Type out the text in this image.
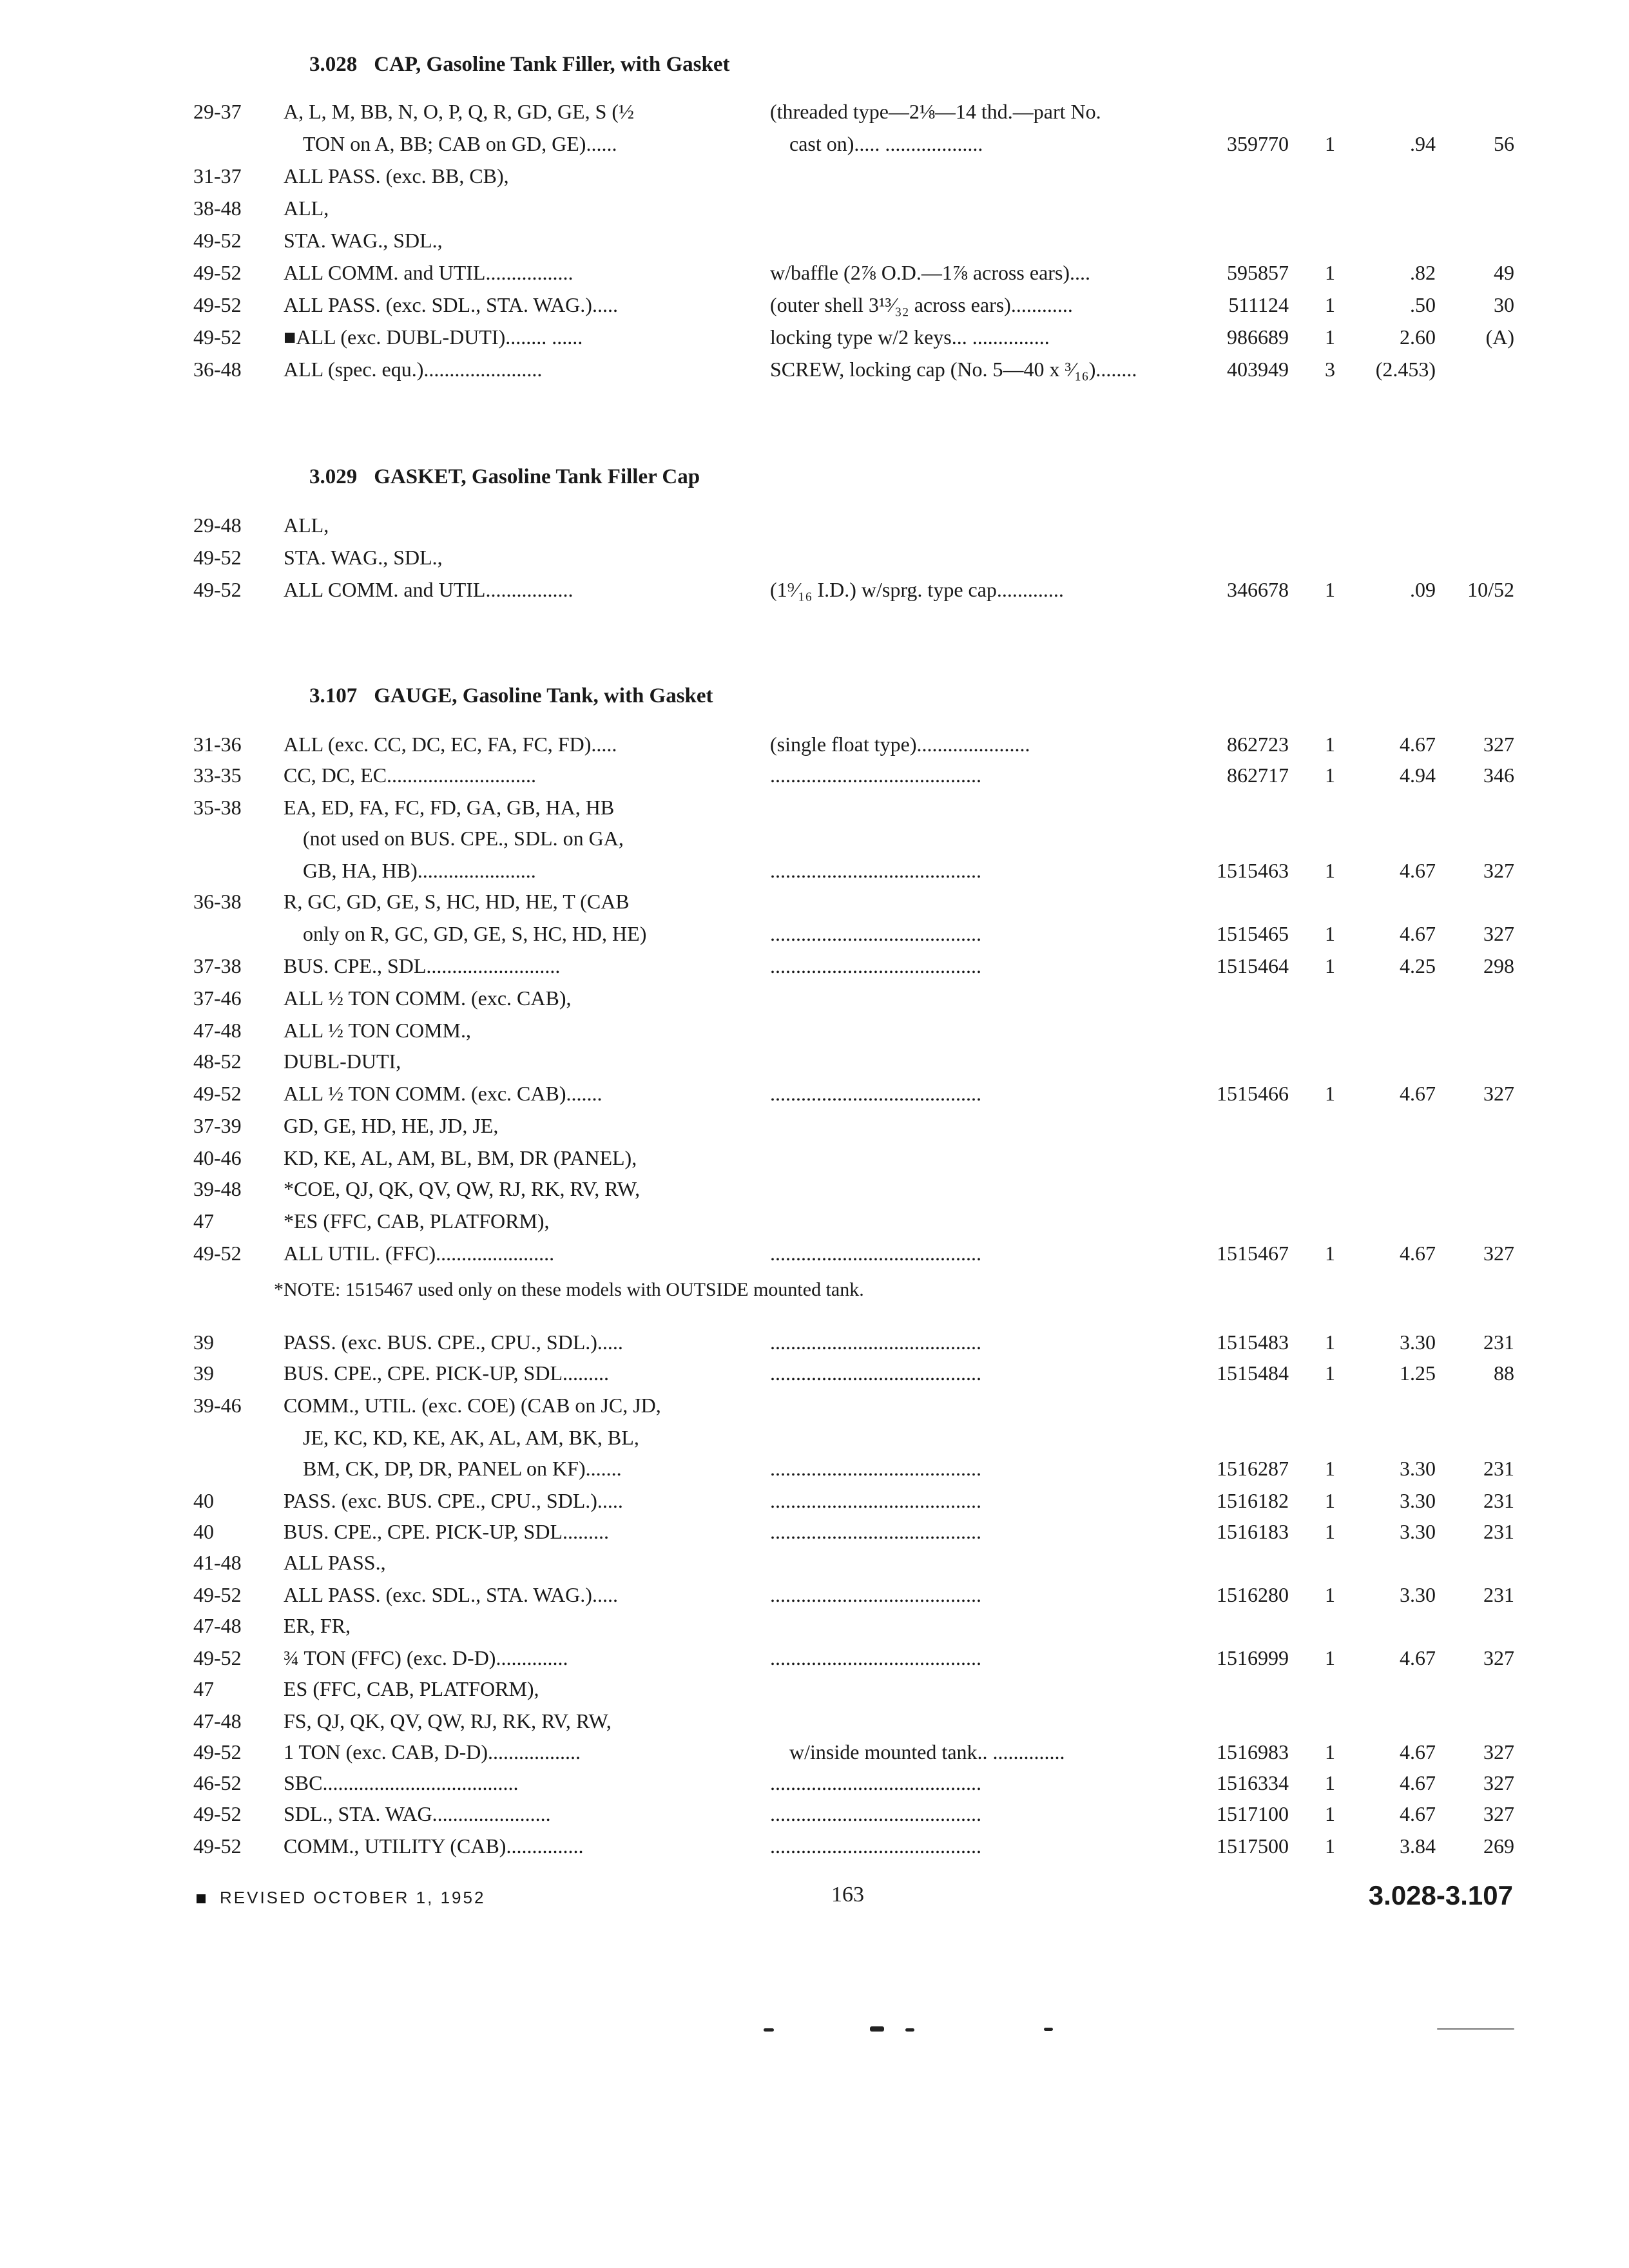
3.028 CAP, Gasoline Tank Filler, with Gasket
29-37 A, L, M, BB, N, O, P, Q, R, GD, GE, S (½	(threaded type—2⅛—14 thd.—part No.
TON on A, BB; CAB on GD, GE)......	cast on)..... ...................	359770 1	.94	56
31-37 ALL PASS. (exc. BB, CB),
38-48 ALL,
49-52 STA. WAG., SDL.,
49-52 ALL COMM. and UTIL.................	w/baffle (2⅞ O.D.—1⅞ across ears)....	595857 1	.82	49
49-52 ALL PASS. (exc. SDL., STA. WAG.).....	(outer shell 3¹³⁄₃₂ across ears)............	511124 1	.50	30
49-52 ■ALL (exc. DUBL-DUTI)........ ......	locking type w/2 keys... ...............	986689 1	2.60 (A)
36-48 ALL (spec. equ.).......................	SCREW, locking cap (No. 5—40 x ³⁄₁₆)........	403949 3 (2.453)
3.029 GASKET, Gasoline Tank Filler Cap
29-48 ALL,
49-52 STA. WAG., SDL.,
49-52 ALL COMM. and UTIL.................	(1⁹⁄₁₆ I.D.) w/sprg. type cap.............	346678 1	.09 10/52
3.107 GAUGE, Gasoline Tank, with Gasket
31-36 ALL (exc. CC, DC, EC, FA, FC, FD).....	(single float type)......................	862723 1	4.67 327
33-35 CC, DC, EC.............................	.........................................	862717 1	4.94 346
35-38 EA, ED, FA, FC, FD, GA, GB, HA, HB
(not used on BUS. CPE., SDL. on GA,
GB, HA, HB).......................	.........................................	1515463 1	4.67 327
36-38 R, GC, GD, GE, S, HC, HD, HE, T (CAB
only on R, GC, GD, GE, S, HC, HD, HE)	.........................................	1515465 1	4.67 327
37-38 BUS. CPE., SDL..........................	.........................................	1515464 1	4.25 298
37-46 ALL ½ TON COMM. (exc. CAB),
47-48 ALL ½ TON COMM.,
48-52 DUBL-DUTI,
49-52 ALL ½ TON COMM. (exc. CAB).......	.........................................	1515466 1	4.67 327
37-39 GD, GE, HD, HE, JD, JE,
40-46 KD, KE, AL, AM, BL, BM, DR (PANEL),
39-48 *COE, QJ, QK, QV, QW, RJ, RK, RV, RW,
47	*ES (FFC, CAB, PLATFORM),
49-52 ALL UTIL. (FFC).......................	.........................................	1515467 1	4.67 327
*NOTE: 1515467 used only on these models with OUTSIDE mounted tank.
39	PASS. (exc. BUS. CPE., CPU., SDL.).....	.........................................	1515483 1	3.30 231
39	BUS. CPE., CPE. PICK-UP, SDL.........	.........................................	1515484 1	1.25	88
39-46 COMM., UTIL. (exc. COE) (CAB on JC, JD,
JE, KC, KD, KE, AK, AL, AM, BK, BL,
BM, CK, DP, DR, PANEL on KF).......	.........................................	1516287 1	3.30 231
40	PASS. (exc. BUS. CPE., CPU., SDL.).....	.........................................	1516182 1	3.30 231
40	BUS. CPE., CPE. PICK-UP, SDL.........	.........................................	1516183 1	3.30 231
41-48 ALL PASS.,
49-52 ALL PASS. (exc. SDL., STA. WAG.).....	.........................................	1516280 1	3.30 231
47-48 ER, FR,
49-52 ¾ TON (FFC) (exc. D-D)..............	.........................................	1516999 1	4.67 327
47	ES (FFC, CAB, PLATFORM),
47-48 FS, QJ, QK, QV, QW, RJ, RK, RV, RW,
49-52 1 TON (exc. CAB, D-D)..................	w/inside mounted tank.. ..............	1516983 1	4.67 327
46-52 SBC......................................	.........................................	1516334 1	4.67 327
49-52 SDL., STA. WAG.......................	.........................................	1517100 1	4.67 327
49-52 COMM., UTILITY (CAB)...............	.........................................	1517500 1	3.84 269
REVISED OCTOBER 1, 1952	163	3.028-3.107
